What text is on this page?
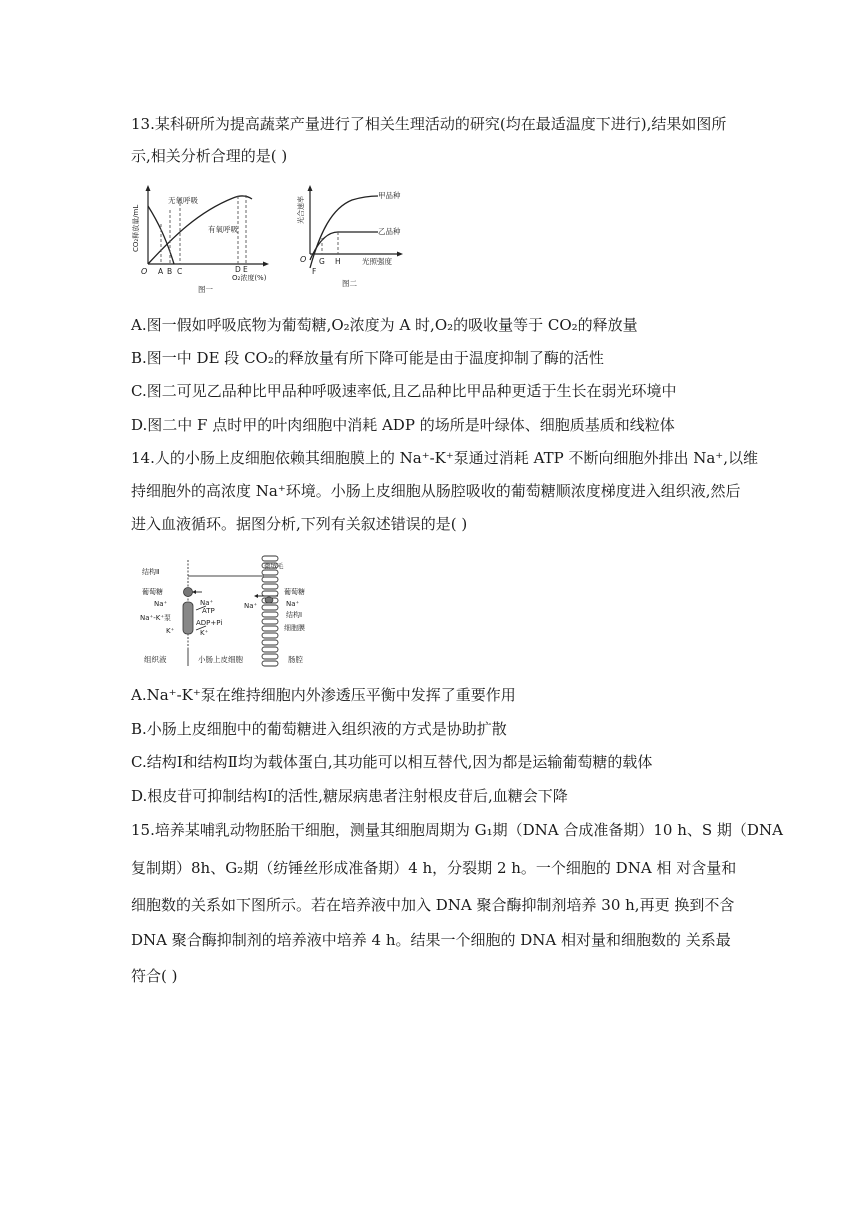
13.某科研所为提高蔬菜产量进行了相关生理活动的研究(均在最适温度下进行),结果如图所
示,相关分析合理的是( )
CO₂释放量/mL
无氧呼吸
有氧呼吸
O A B C	D E
O₂浓度(%)
图一
光合速率
甲品种
乙品种
O
F
G H	光照强度
图二
A.图一假如呼吸底物为葡萄糖,O₂浓度为 A 时,O₂的吸收量等于 CO₂的释放量
B.图一中 DE 段 CO₂的释放量有所下降可能是由于温度抑制了酶的活性
C.图二可见乙品种比甲品种呼吸速率低,且乙品种比甲品种更适于生长在弱光环境中
D.图二中 F 点时甲的叶肉细胞中消耗 ADP 的场所是叶绿体、细胞质基质和线粒体
14.人的小肠上皮细胞依赖其细胞膜上的 Na⁺-K⁺泵通过消耗 ATP 不断向细胞外排出 Na⁺,以维
持细胞外的高浓度 Na⁺环境。小肠上皮细胞从肠腔吸收的葡萄糖顺浓度梯度进入组织液,然后
进入血液循环。据图分析,下列有关叙述错误的是( )
结构Ⅱ
葡萄糖
Na⁺	Na⁺
ATP
Na⁺-K⁺泵
ADP+Pi
K⁺	K⁺
微绒毛
葡萄糖
Na⁺	Na⁺
结构Ⅰ
细胞膜
组织液	小肠上皮细胞	肠腔
A.Na⁺-K⁺泵在维持细胞内外渗透压平衡中发挥了重要作用
B.小肠上皮细胞中的葡萄糖进入组织液的方式是协助扩散
C.结构Ⅰ和结构Ⅱ均为载体蛋白,其功能可以相互替代,因为都是运输葡萄糖的载体
D.根皮苷可抑制结构Ⅰ的活性,糖尿病患者注射根皮苷后,血糖会下降
15.培养某哺乳动物胚胎干细胞，测量其细胞周期为 G₁期（DNA 合成准备期）10 h、S 期（DNA
复制期）8h、G₂期（纺锤丝形成准备期）4 h，分裂期 2 h。一个细胞的 DNA 相 对含量和
细胞数的关系如下图所示。若在培养液中加入 DNA 聚合酶抑制剂培养 30 h,再更 换到不含
DNA 聚合酶抑制剂的培养液中培养 4 h。结果一个细胞的 DNA 相对量和细胞数的 关系最
符合( )
